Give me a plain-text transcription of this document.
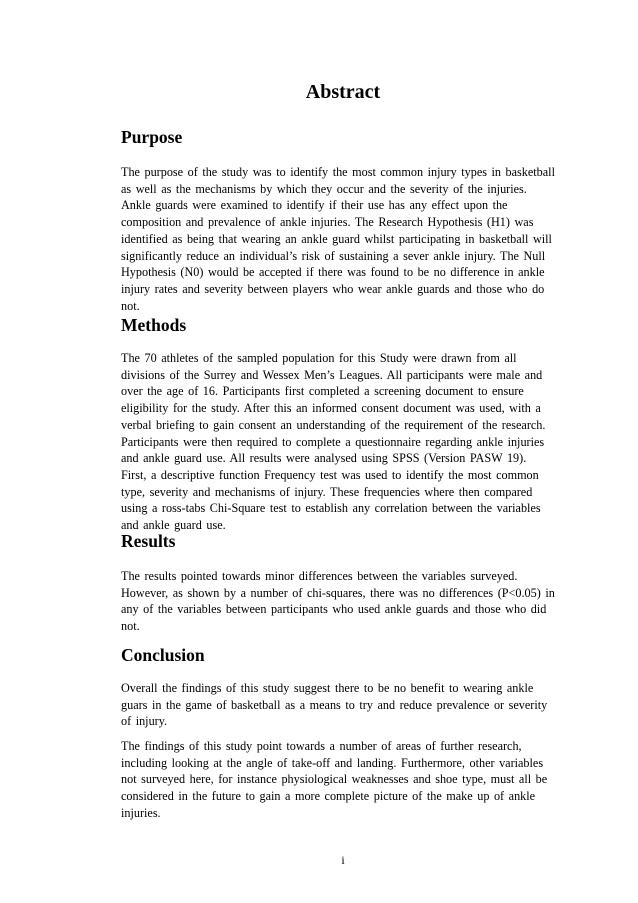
Abstract
Purpose
The purpose of the study was to identify the most common injury types in basketball
as well as the mechanisms by which they occur and the severity of the injuries.
Ankle guards were examined to identify if their use has any effect upon the
composition and prevalence of ankle injuries. The Research Hypothesis (H1) was
identified as being that wearing an ankle guard whilst participating in basketball will
significantly reduce an individual’s risk of sustaining a sever ankle injury. The Null
Hypothesis (N0) would be accepted if there was found to be no difference in ankle
injury rates and severity between players who wear ankle guards and those who do
not.
Methods
The 70 athletes of the sampled population for this Study were drawn from all
divisions of the Surrey and Wessex Men’s Leagues. All participants were male and
over the age of 16. Participants first completed a screening document to ensure
eligibility for the study. After this an informed consent document was used, with a
verbal briefing to gain consent an understanding of the requirement of the research.
Participants were then required to complete a questionnaire regarding ankle injuries
and ankle guard use. All results were analysed using SPSS (Version PASW 19).
First, a descriptive function Frequency test was used to identify the most common
type, severity and mechanisms of injury. These frequencies where then compared
using a ross-tabs Chi-Square test to establish any correlation between the variables
and ankle guard use.
Results
The results pointed towards minor differences between the variables surveyed.
However, as shown by a number of chi-squares, there was no differences (P<0.05) in
any of the variables between participants who used ankle guards and those who did
not.
Conclusion
Overall the findings of this study suggest there to be no benefit to wearing ankle
guars in the game of basketball as a means to try and reduce prevalence or severity
of injury.
The findings of this study point towards a number of areas of further research,
including looking at the angle of take-off and landing. Furthermore, other variables
not surveyed here, for instance physiological weaknesses and shoe type, must all be
considered in the future to gain a more complete picture of the make up of ankle
injuries.
i
